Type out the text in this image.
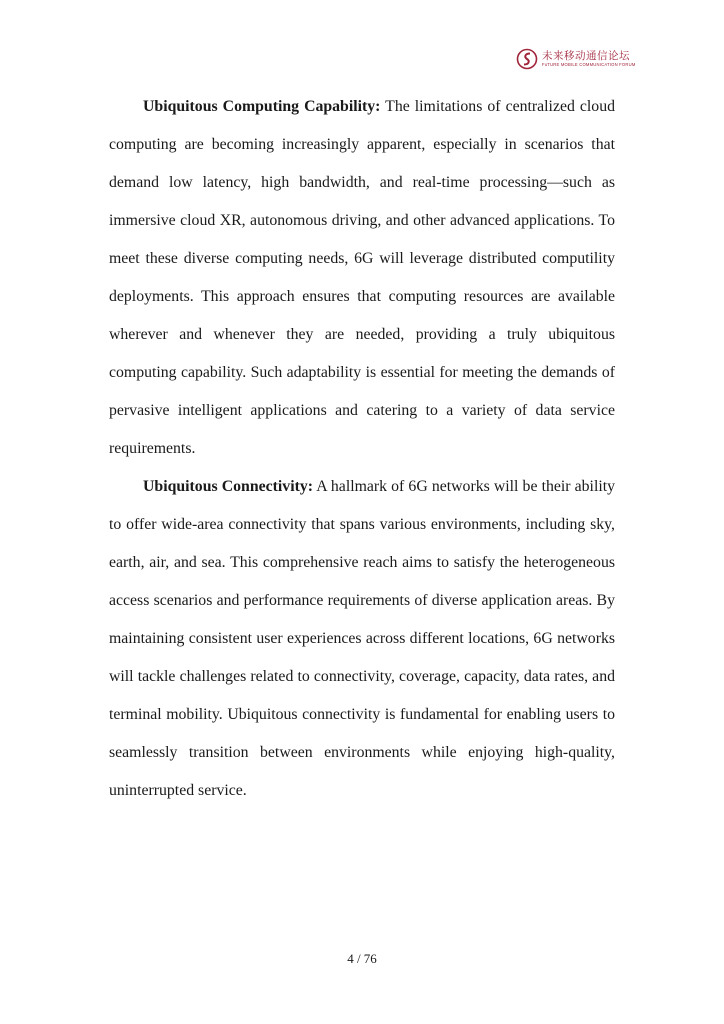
未来移动通信论坛
FuTURE MOBILE COMMUNICATION FORUM

Ubiquitous Computing Capability: The limitations of centralized cloud computing are becoming increasingly apparent, especially in scenarios that demand low latency, high bandwidth, and real-time processing—such as immersive cloud XR, autonomous driving, and other advanced applications. To meet these diverse computing needs, 6G will leverage distributed computility deployments. This approach ensures that computing resources are available wherever and whenever they are needed, providing a truly ubiquitous computing capability. Such adaptability is essential for meeting the demands of pervasive intelligent applications and catering to a variety of data service requirements.

Ubiquitous Connectivity: A hallmark of 6G networks will be their ability to offer wide-area connectivity that spans various environments, including sky, earth, air, and sea. This comprehensive reach aims to satisfy the heterogeneous access scenarios and performance requirements of diverse application areas. By maintaining consistent user experiences across different locations, 6G networks will tackle challenges related to connectivity, coverage, capacity, data rates, and terminal mobility. Ubiquitous connectivity is fundamental for enabling users to seamlessly transition between environments while enjoying high-quality, uninterrupted service.

4 / 76
